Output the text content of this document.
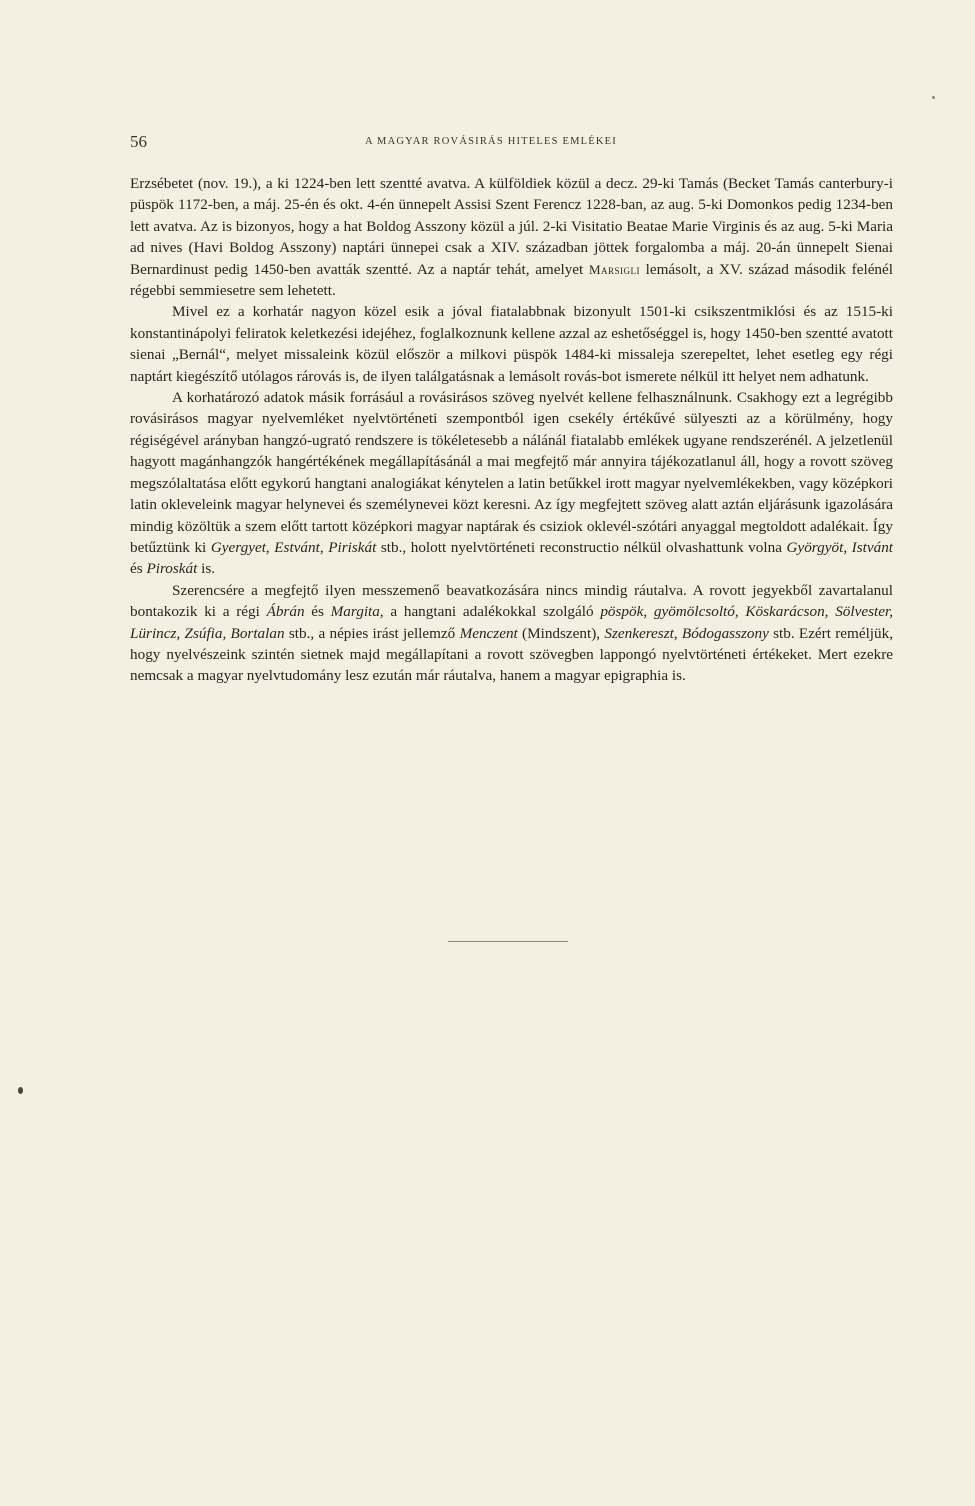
56	A MAGYAR ROVÁSIRÁS HITELES EMLÉKEI

Erzsébetet (nov. 19.), a ki 1224-ben lett szentté avatva. A külföldiek közül a decz. 29-ki Tamás (Becket Tamás canterbury-i püspök 1172-ben, a máj. 25-én és okt. 4-én ünnepelt Assisi Szent Ferencz 1228-ban, az aug. 5-ki Domonkos pedig 1234-ben lett avatva. Az is bizonyos, hogy a hat Boldog Asszony közül a júl. 2-ki Visitatio Beatae Marie Virginis és az aug. 5-ki Maria ad nives (Havi Boldog Asszony) naptári ünnepei csak a XIV. században jöttek forgalomba a máj. 20-án ünnepelt Sienai Bernardinust pedig 1450-ben avatták szentté. Az a naptár tehát, amelyet Marsigli lemásolt, a XV. század második felénél régebbi semmiesetre sem lehetett.

Mivel ez a korhatár nagyon közel esik a jóval fiatalabbnak bizonyult 1501-ki csikszentmiklósi és az 1515-ki konstantinápolyi feliratok keletkezési idejéhez, foglalkoznunk kellene azzal az eshetőséggel is, hogy 1450-ben szentté avatott sienai „Bernál“, melyet missaleink közül először a milkovi püspök 1484-ki missaleja szerepeltet, lehet esetleg egy régi naptárt kiegészítő utólagos rárovás is, de ilyen találgatásnak a lemásolt rovás-bot ismerete nélkül itt helyet nem adhatunk.

A korhatározó adatok másik forrásául a rovásirásos szöveg nyelvét kellene felhasználnunk. Csakhogy ezt a legrégibb rovásirásos magyar nyelvemléket nyelvtörténeti szempontból igen csekély értékűvé sülyeszti az a körülmény, hogy régiségével arányban hangzó-ugrató rendszere is tökéletesebb a nálánál fiatalabb emlékek ugyane rendszerénél. A jelzetlenül hagyott magánhangzók hangértékének megállapításánál a mai megfejtő már annyira tájékozatlanul áll, hogy a rovott szöveg megszólaltatása előtt egykorú hangtani analogiákat kénytelen a latin betűkkel irott magyar nyelvemlékekben, vagy középkori latin okleveleink magyar helynevei és személynevei közt keresni. Az így megfejtett szöveg alatt aztán eljárásunk igazolására mindig közöltük a szem előtt tartott középkori magyar naptárak és csiziok oklevél-szótári anyaggal megtoldott adalékait. Így betűztünk ki Gyergyet, Estvánt, Piriskát stb., holott nyelvtörténeti reconstructio nélkül olvashattunk volna Györgyöt, Istvánt és Piroskát is.

Szerencsére a megfejtő ilyen messzemenő beavatkozására nincs mindig ráutalva. A rovott jegyekből zavartalanul bontakozik ki a régi Ábrán és Margita, a hangtani adalékokkal szolgáló pöspök, gyömölcsoltó, Köskarácson, Sölvester, Lürincz, Zsúfia, Bortalan stb., a népies irást jellemző Menczent (Mindszent), Szenkereszt, Bódogasszony stb. Ezért reméljük, hogy nyelvészeink szintén sietnek majd megállapítani a rovott szövegben lappongó nyelvtörténeti értékeket. Mert ezekre nemcsak a magyar nyelvtudomány lesz ezután már ráutalva, hanem a magyar epigraphia is.
